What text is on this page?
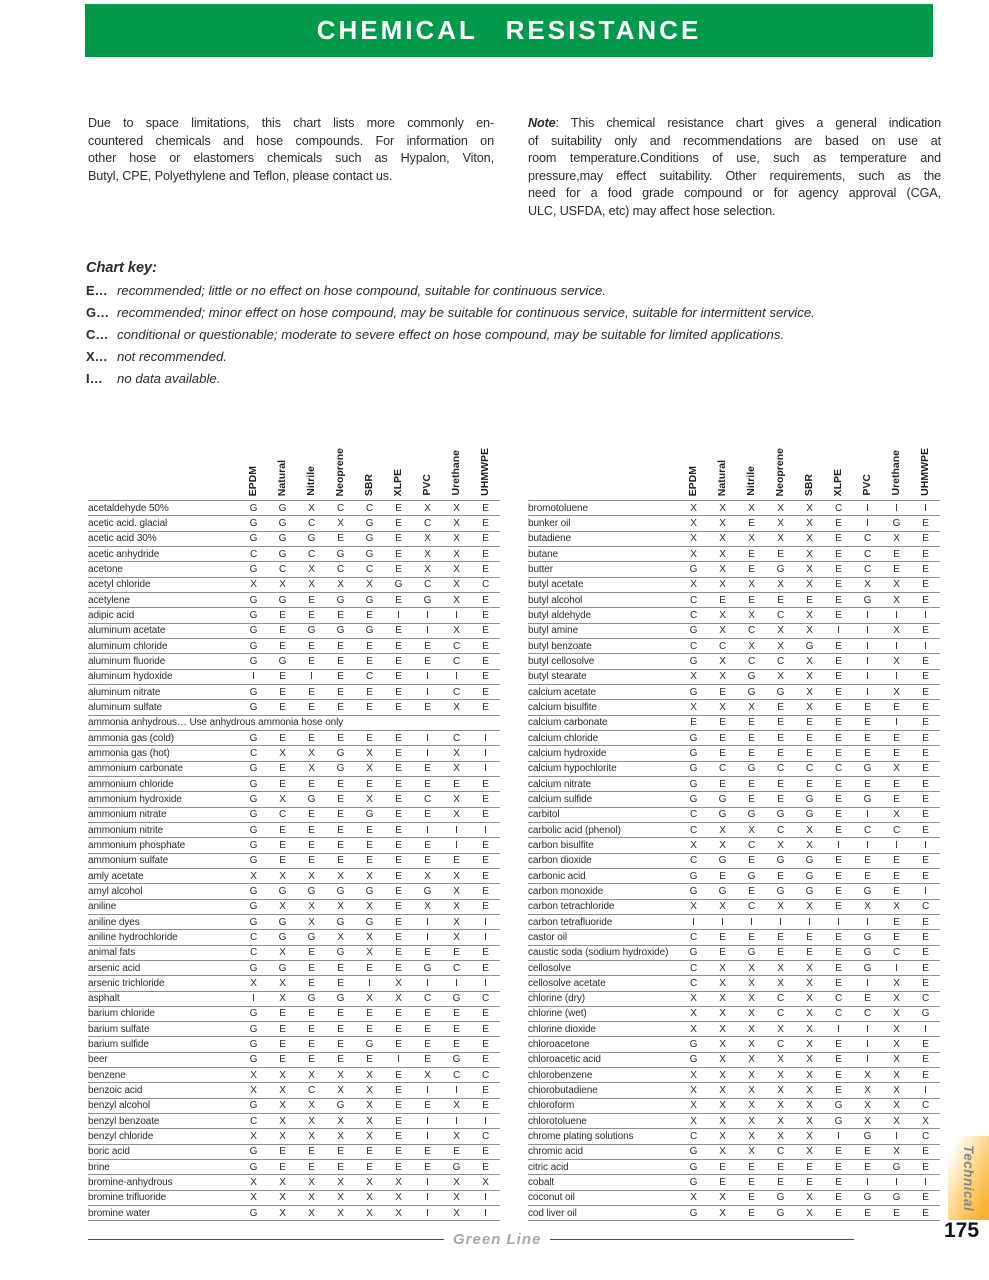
CHEMICAL RESISTANCE
Due to space limitations, this chart lists more commonly en-
countered chemicals and hose compounds. For information on
other hose or elastomers chemicals such as Hypalon, Viton,
Butyl, CPE, Polyethylene and Teflon, please contact us.
Note: This chemical resistance chart gives a general indication
of suitability only and recommendations are based on use at
room temperature.Conditions of use, such as temperature and
pressure,may effect suitability. Other requirements, such as the
need for a food grade compound or for agency approval (CGA,
ULC, USFDA, etc) may affect hose selection.
Chart key:
E… recommended; little or no effect on hose compound, suitable for continuous service.
G… recommended; minor effect on hose compound, may be suitable for continuous service, suitable for intermittent service.
C… conditional or questionable; moderate to severe effect on hose compound, may be suitable for limited applications.
X… not recommended.
I…	no data available.
EPDM Natural Nitrile Neoprene SBR XLPE PVC Urethane UHMWPE
acetaldehyde 50%	G	G	X	C	C	E	X	X	E
acetic acid. glacial	G	G	C	X	G	E	C	X	E
acetic acid 30%	G	G	G	E	G	E	X	X	E
acetic anhydride	C	G	C	G	G	E	X	X	E
acetone	G	C	X	C	C	E	X	X	E
acetyl chloride	X	X	X	X	X	G	C	X	C
acetylene	G	G	E	G	G	E	G	X	E
adipic acid	G	E	E	E	E	I	I	I	E
aluminum acetate	G	E	G	G	G	E	I	X	E
aluminum chloride	G	E	E	E	E	E	E	C	E
aluminum fluoride	G	G	E	E	E	E	E	C	E
aluminum hydoxide	I	E	I	E	C	E	I	I	E
aluminum nitrate	G	E	E	E	E	E	I	C	E
aluminum sulfate	G	E	E	E	E	E	E	X	E
ammonia anhydrous… Use anhydrous ammonia hose only
ammonia gas (cold)	G	E	E	E	E	E	I	C	I
ammonia gas (hot)	C	X	X	G	X	E	I	X	I
ammonium carbonate	G	E	X	G	X	E	E	X	I
ammonium chloride	G	E	E	E	E	E	E	E	E
ammonium hydroxide	G	X	G	E	X	E	C	X	E
ammonium nitrate	G	C	E	E	G	E	E	X	E
ammonium nitrite	G	E	E	E	E	E	I	I	I
ammonium phosphate	G	E	E	E	E	E	E	I	E
ammonium sulfate	G	E	E	E	E	E	E	E	E
amly acetate	X	X	X	X	X	E	X	X	E
amyl alcohol	G	G	G	G	G	E	G	X	E
aniline	G	X	X	X	X	E	X	X	E
aniline dyes	G	G	X	G	G	E	I	X	I
aniline hydrochloride	C	G	G	X	X	E	I	X	I
animal fats	C	X	E	G	X	E	E	E	E
arsenic acid	G	G	E	E	E	E	G	C	E
arsenic trichloride	X	X	E	E	I	X	I	I	I
asphalt	I	X	G	G	X	X	C	G	C
barium chloride	G	E	E	E	E	E	E	E	E
barium sulfate	G	E	E	E	E	E	E	E	E
barium sulfide	G	E	E	E	G	E	E	E	E
beer	G	E	E	E	E	I	E	G	E
benzene	X	X	X	X	X	E	X	C	C
benzoic acid	X	X	C	X	X	E	I	I	E
benzyl alcohol	G	X	X	G	X	E	E	X	E
benzyl benzoate	C	X	X	X	X	E	I	I	I
benzyl chloride	X	X	X	X	X	E	I	X	C
boric acid	G	E	E	E	E	E	E	E	E
brine	G	E	E	E	E	E	E	G	E
bromine-anhydrous	X	X	X	X	X	X	I	X	X
bromine trifluoride	X	X	X	X	X	X	I	X	I
bromine water	G	X	X	X	X	X	I	X	I
EPDM Natural Nitrile Neoprene SBR XLPE PVC Urethane UHMWPE
bromotoluene	X	X	X	X	X	C	I	I	I
bunker oil	X	X	E	X	X	E	I	G	E
butadiene	X	X	X	X	X	E	C	X	E
butane	X	X	E	E	X	E	C	E	E
butter	G	X	E	G	X	E	C	E	E
butyl acetate	X	X	X	X	X	E	X	X	E
butyl alcohol	C	E	E	E	E	E	G	X	E
butyl aldehyde	C	X	X	C	X	E	I	I	I
butyl amine	G	X	C	X	X	I	I	X	E
butyl benzoate	C	C	X	X	G	E	I	I	I
butyl cellosolve	G	X	C	C	X	E	I	X	E
butyl stearate	X	X	G	X	X	E	I	I	E
calcium acetate	G	E	G	G	X	E	I	X	E
calcium bisulfite	X	X	X	E	X	E	E	E	E
calcium carbonate	E	E	E	E	E	E	E	I	E
calcium chloride	G	E	E	E	E	E	E	E	E
calcium hydroxide	G	E	E	E	E	E	E	E	E
calcium hypochlorite	G	C	G	C	C	C	G	X	E
calcium nitrate	G	E	E	E	E	E	E	E	E
calcium sulfide	G	G	E	E	G	E	G	E	E
carbitol	C	G	G	G	G	E	I	X	E
carbolic acid (phenol)	C	X	X	C	X	E	C	C	E
carbon bisulfite	X	X	C	X	X	I	I	I	I
carbon dioxide	C	G	E	G	G	E	E	E	E
carbonic acid	G	E	G	E	G	E	E	E	E
carbon monoxide	G	G	E	G	G	E	G	E	I
carbon tetrachloride	X	X	C	X	X	E	X	X	C
carbon tetrafluoride	I	I	I	I	I	I	I	E	E
castor oil	C	E	E	E	E	E	G	E	E
caustic soda (sodium hydroxide)	G	E	G	E	E	E	G	C	E
cellosolve	C	X	X	X	X	E	G	I	E
cellosolve acetate	C	X	X	X	X	E	I	X	E
chlorine (dry)	X	X	X	C	X	C	E	X	C
chlorine (wet)	X	X	X	C	X	C	C	X	G
chlorine dioxide	X	X	X	X	X	I	I	X	I
chloroacetone	G	X	X	C	X	E	I	X	E
chloroacetic acid	G	X	X	X	X	E	I	X	E
chlorobenzene	X	X	X	X	X	E	X	X	E
chiorobutadiene	X	X	X	X	X	E	X	X	I
chloroform	X	X	X	X	X	G	X	X	C
chlorotoluene	X	X	X	X	X	G	X	X	X
chrome plating solutions	C	X	X	X	X	I	G	I	C
chromic acid	G	X	X	C	X	E	E	X	E
citric acid	G	E	E	E	E	E	E	G	E
cobalt	G	E	E	E	E	E	I	I	I
coconut oil	X	X	E	G	X	E	G	G	E
cod liver oil	G	X	E	G	X	E	E	E	E
Green Line
Technical
175
